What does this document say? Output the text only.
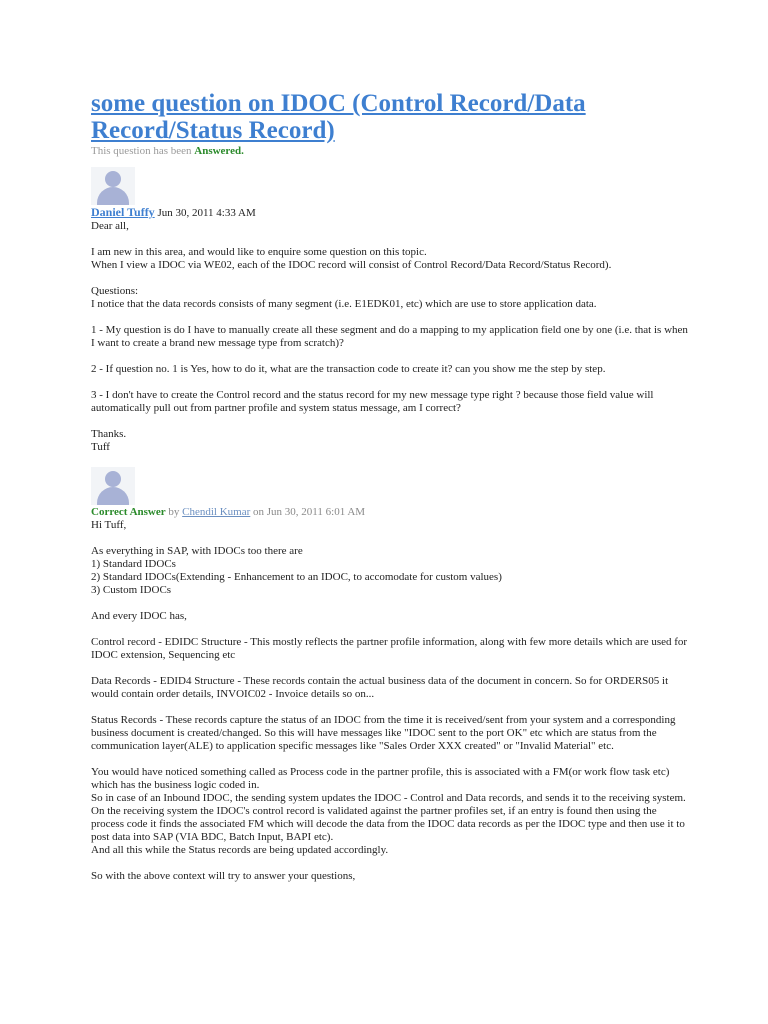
some question on IDOC (Control Record/Data Record/Status Record)
This question has been Answered.
Daniel Tuffy Jun 30, 2011 4:33 AM

Dear all,

I am new in this area, and would like to enquire some question on this topic.
When I view a IDOC via WE02, each of the IDOC record will consist of Control Record/Data Record/Status Record).

Questions:
I notice that the data records consists of many segment (i.e. E1EDK01, etc) which are use to store application data.

1 - My question is do I have to manually create all these segment and do a mapping to my application field one by one (i.e. that is when I want to create a brand new message type from scratch)?

2 - If question no. 1 is Yes, how to do it, what are the transaction code to create it? can you show me the step by step.

3 - I don't have to create the Control record and the status record for my new message type right ? because those field value will automatically pull out from partner profile and system status message, am I correct?

Thanks.
Tuff

Correct Answer by Chendil Kumar on Jun 30, 2011 6:01 AM

Hi Tuff,

As everything in SAP, with IDOCs too there are
1) Standard IDOCs
2) Standard IDOCs(Extending - Enhancement to an IDOC, to accomodate for custom values)
3) Custom IDOCs

And every IDOC has,

Control record - EDIDC Structure - This mostly reflects the partner profile information, along with few more details which are used for IDOC extension, Sequencing etc

Data Records - EDID4 Structure - These records contain the actual business data of the document in concern. So for ORDERS05 it would contain order details, INVOIC02 - Invoice details so on...

Status Records - These records capture the status of an IDOC from the time it is received/sent from your system and a corresponding business document is created/changed. So this will have messages like "IDOC sent to the port OK" etc which are status from the communication layer(ALE) to application specific messages like "Sales Order XXX created" or "Invalid Material" etc.

You would have noticed something called as Process code in the partner profile, this is associated with a FM(or work flow task etc) which has the business logic coded in.
So in case of an Inbound IDOC, the sending system updates the IDOC - Control and Data records, and sends it to the receiving system. On the receiving system the IDOC's control record is validated against the partner profiles set, if an entry is found then using the process code it finds the associated FM which will decode the data from the IDOC data records as per the IDOC type and then use it to post data into SAP (VIA BDC, Batch Input, BAPI etc).
And all this while the Status records are being updated accordingly.

So with the above context will try to answer your questions,
